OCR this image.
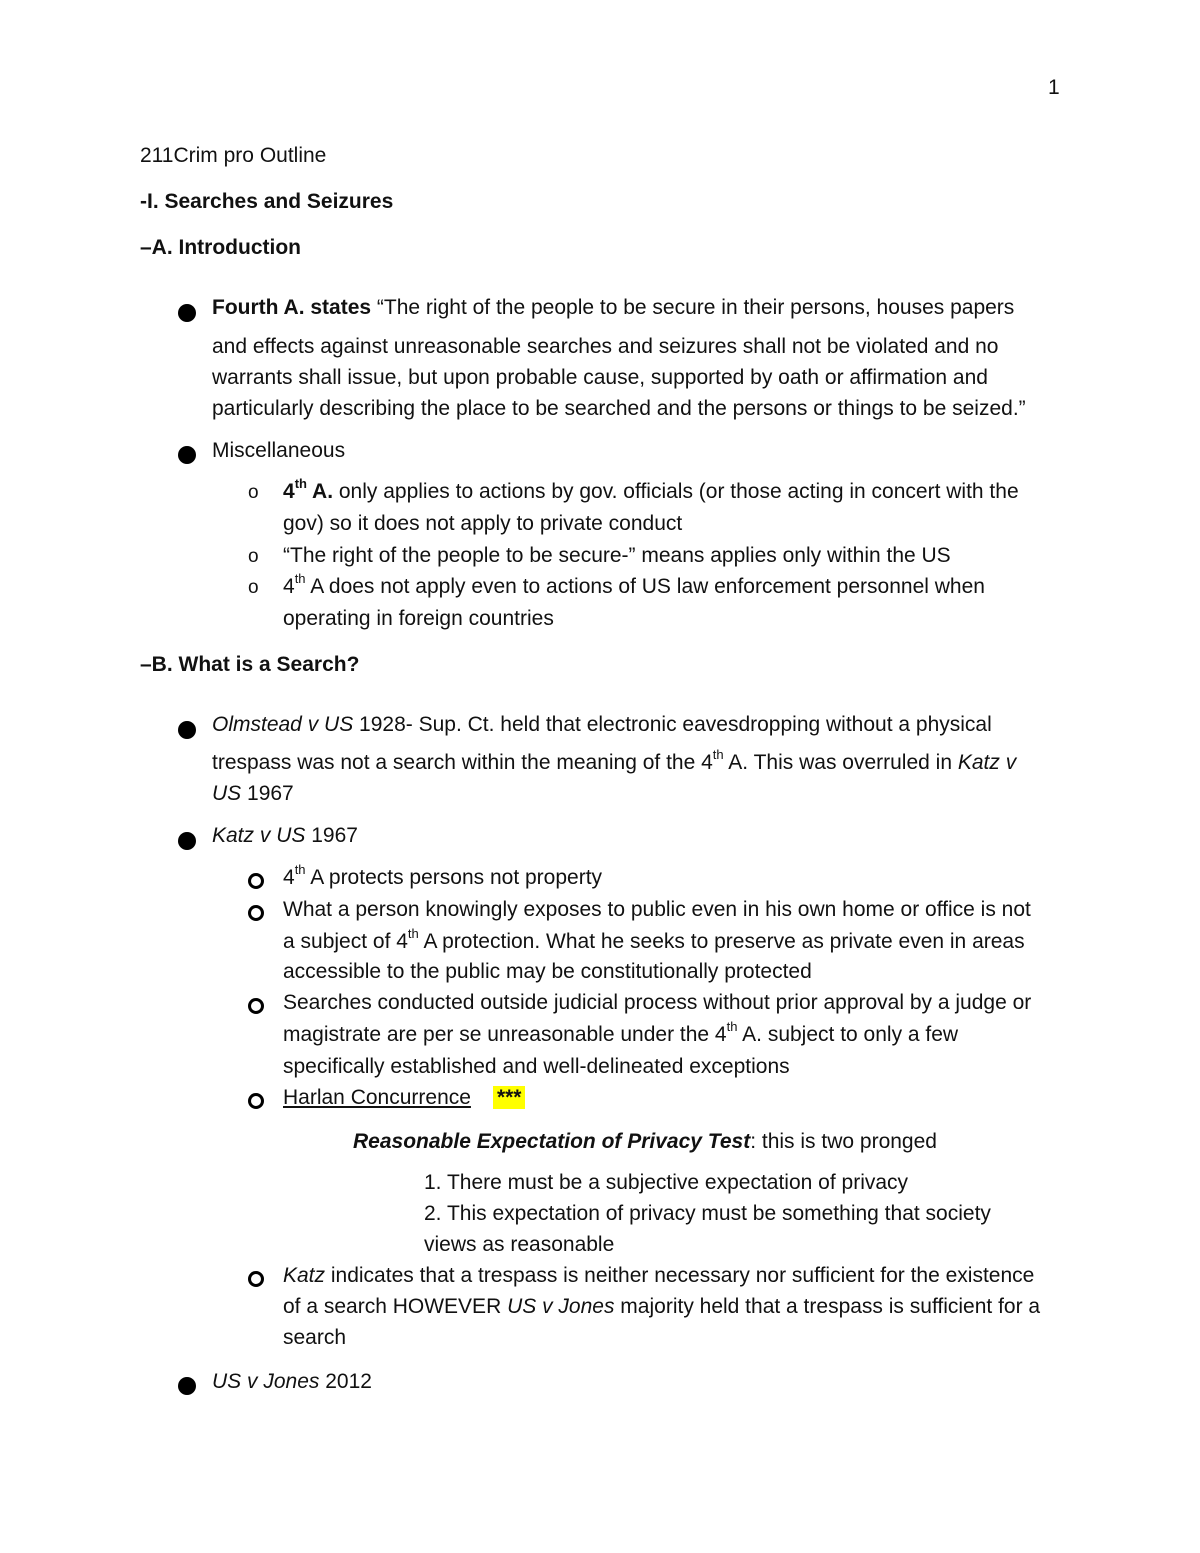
1
211Crim pro Outline
-I. Searches and Seizures
–A. Introduction
Fourth A. states “The right of the people to be secure in their persons, houses papers
and effects against unreasonable searches and seizures shall not be violated and no
warrants shall issue, but upon probable cause, supported by oath or affirmation and
particularly describing the place to be searched and the persons or things to be seized.”
Miscellaneous
o 4th A. only applies to actions by gov. officials (or those acting in concert with the
gov) so it does not apply to private conduct
o “The right of the people to be secure-” means applies only within the US
o 4th A does not apply even to actions of US law enforcement personnel when
operating in foreign countries
–B. What is a Search?
Olmstead v US 1928- Sup. Ct. held that electronic eavesdropping without a physical
trespass was not a search within the meaning of the 4th A. This was overruled in Katz v
US 1967
Katz v US 1967
4th A protects persons not property
What a person knowingly exposes to public even in his own home or office is not
a subject of 4th A protection. What he seeks to preserve as private even in areas
accessible to the public may be constitutionally protected
Searches conducted outside judicial process without prior approval by a judge or
magistrate are per se unreasonable under the 4th A. subject to only a few
specifically established and well-delineated exceptions
Harlan Concurrence ***
Reasonable Expectation of Privacy Test: this is two pronged
1. There must be a subjective expectation of privacy
2. This expectation of privacy must be something that society
views as reasonable
Katz indicates that a trespass is neither necessary nor sufficient for the existence
of a search HOWEVER US v Jones majority held that a trespass is sufficient for a
search
US v Jones 2012
